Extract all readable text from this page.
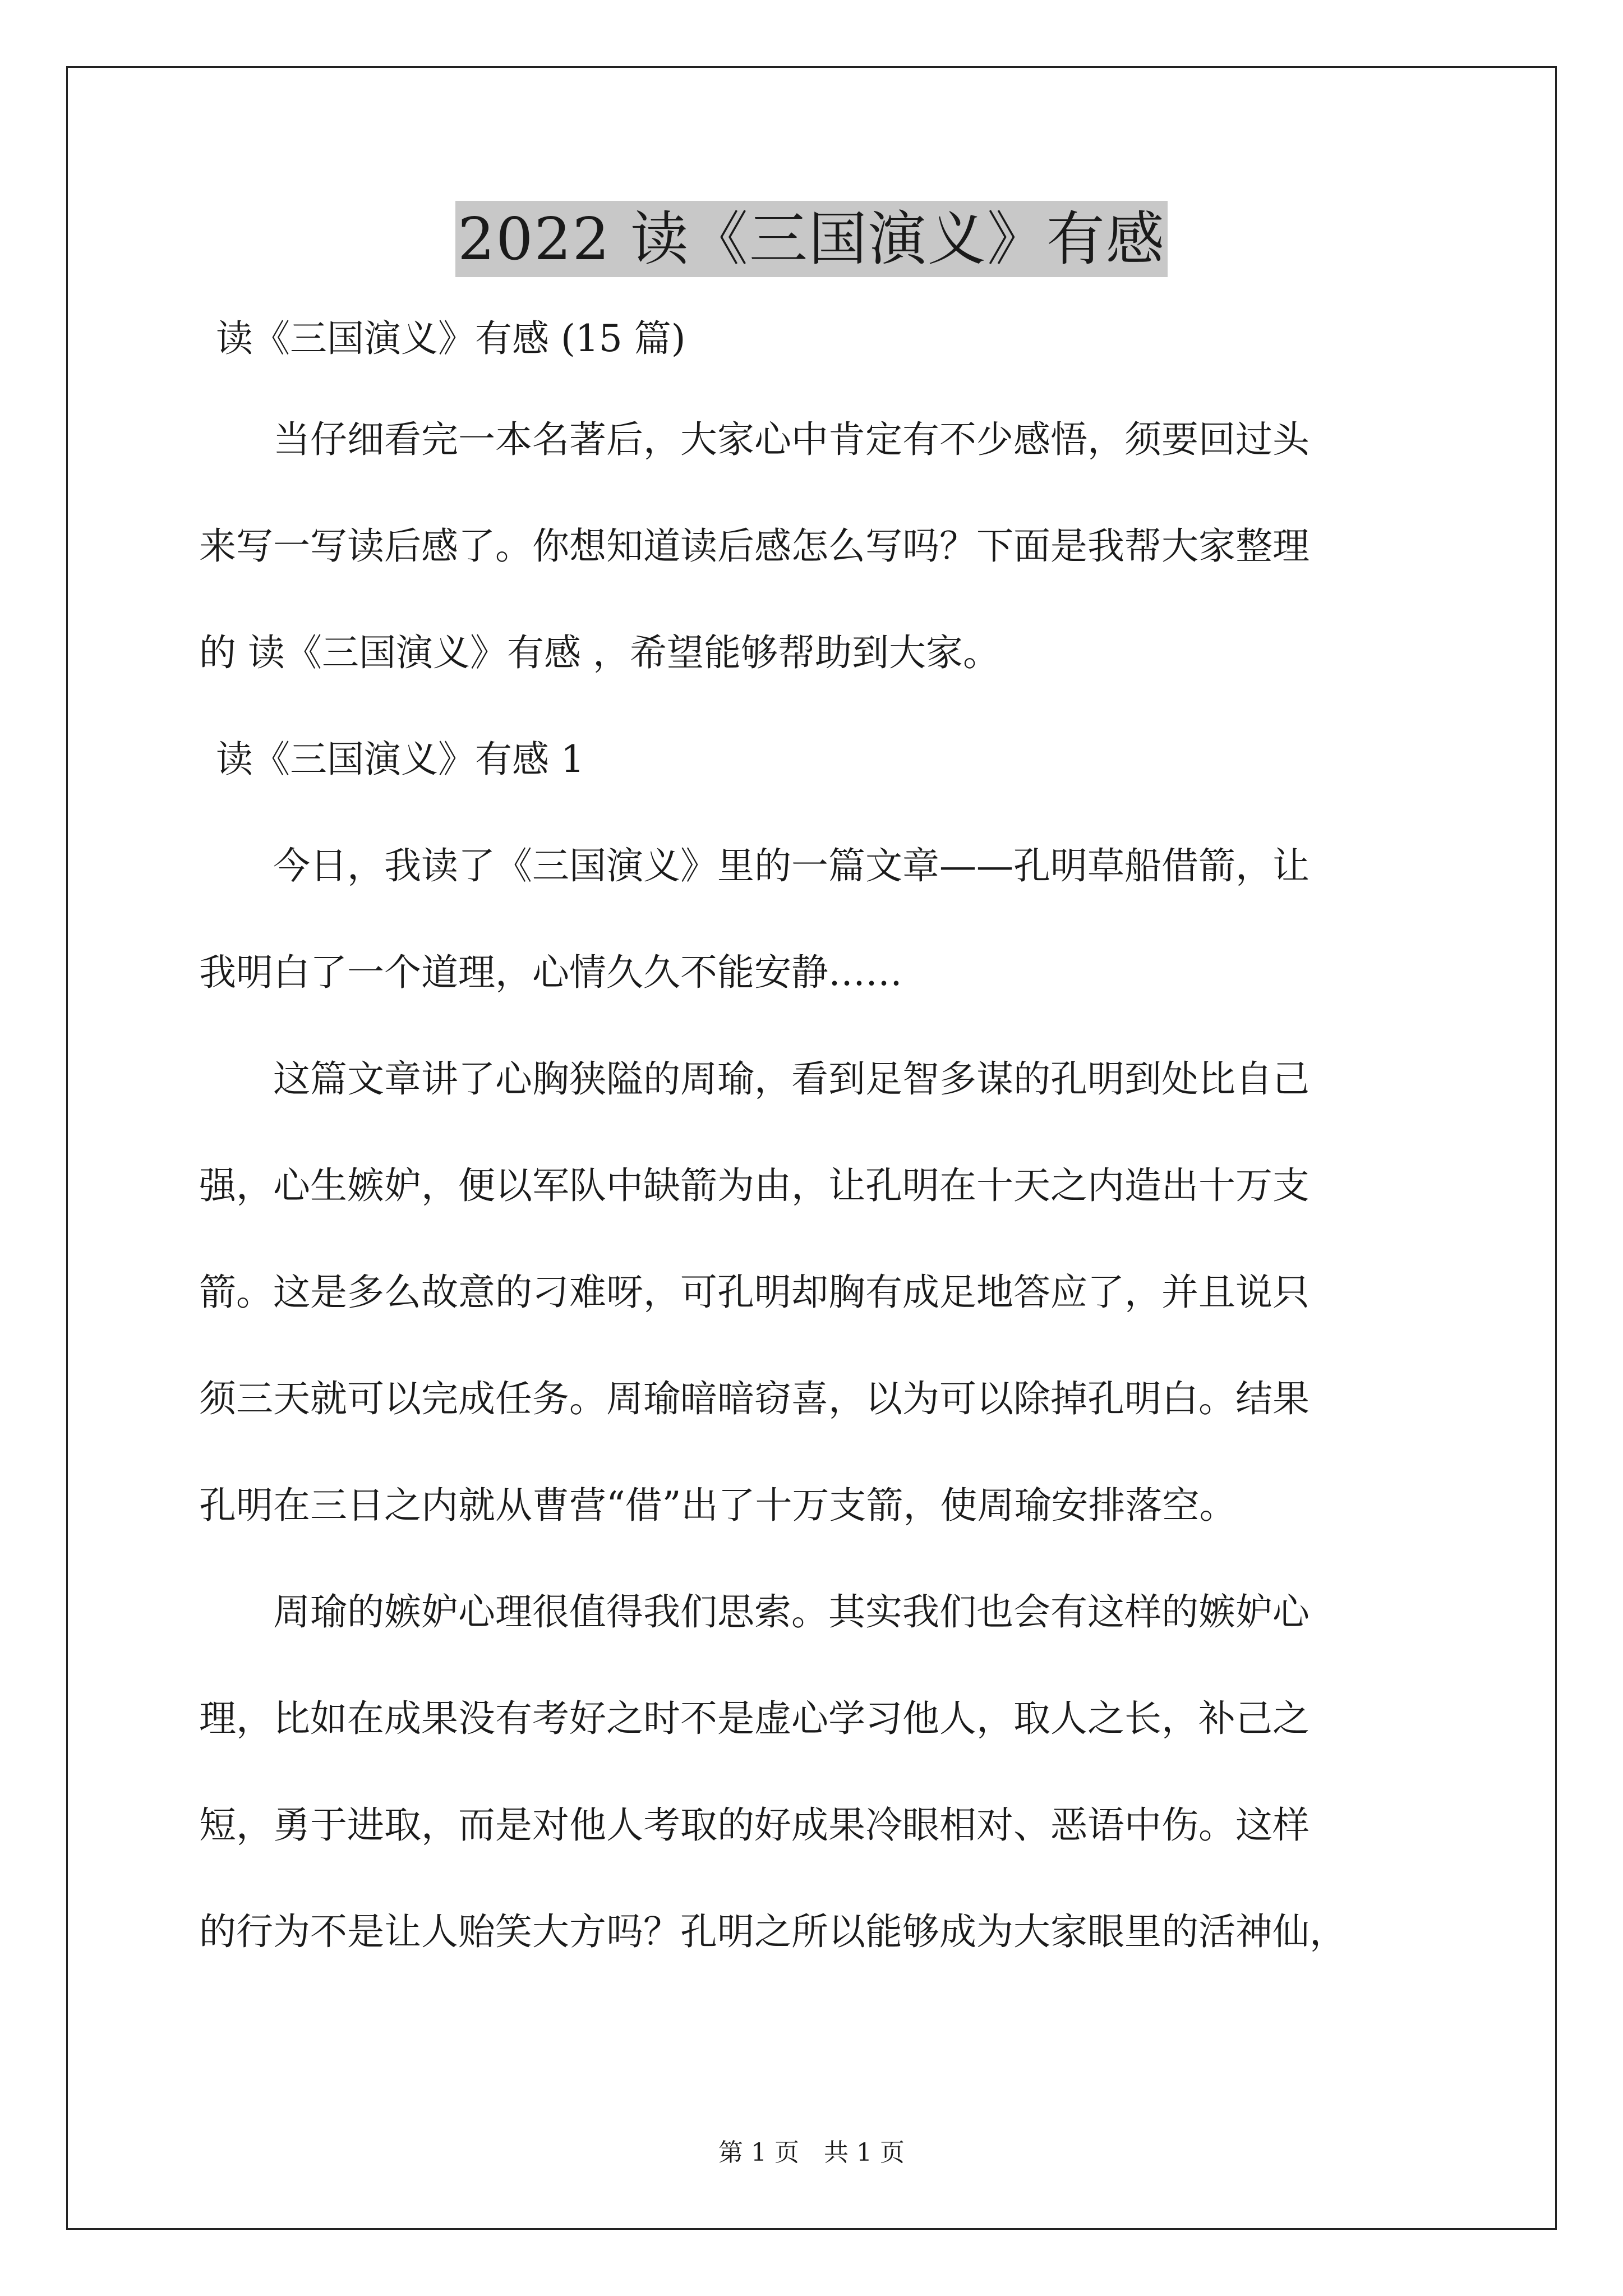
2022 读《三国演义》有感
读《三国演义》有感 (15 篇)
当仔细看完一本名著后，大家心中肯定有不少感悟，须要回过头
来写一写读后感了。你想知道读后感怎么写吗？下面是我帮大家整理
的 读《三国演义》有感 ，希望能够帮助到大家。
读《三国演义》有感 1
今日，我读了《三国演义》里的一篇文章——孔明草船借箭，让
我明白了一个道理，心情久久不能安静……
这篇文章讲了心胸狭隘的周瑜，看到足智多谋的孔明到处比自己
强，心生嫉妒，便以军队中缺箭为由，让孔明在十天之内造出十万支
箭。这是多么故意的刁难呀，可孔明却胸有成足地答应了，并且说只
须三天就可以完成任务。周瑜暗暗窃喜，以为可以除掉孔明白。结果
孔明在三日之内就从曹营“借”出了十万支箭，使周瑜安排落空。
周瑜的嫉妒心理很值得我们思索。其实我们也会有这样的嫉妒心
理，比如在成果没有考好之时不是虚心学习他人，取人之长，补己之
短，勇于进取，而是对他人考取的好成果冷眼相对、恶语中伤。这样
的行为不是让人贻笑大方吗？孔明之所以能够成为大家眼里的活神仙，
第 1 页　共 1 页
